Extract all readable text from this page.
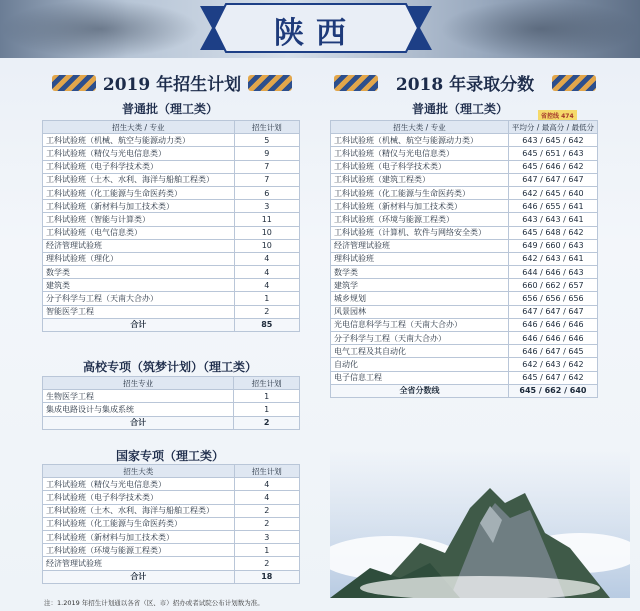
陕西
2019 年招生计划
普通批（理工类）
招生大类 / 专业	招生计划
工科试验班（机械、航空与能源动力类）	5
工科试验班（精仪与光电信息类）	9
工科试验班（电子科学技术类）	7
工科试验班（土木、水利、海洋与船舶工程类）	7
工科试验班（化工能源与生命医药类）	6
工科试验班（新材料与加工技术类）	3
工科试验班（智能与计算类）	11
工科试验班（电气信息类）	10
经济管理试验班	10
理科试验班（理化）	4
数学类	4
建筑类	4
分子科学与工程（天南大合办）	1
智能医学工程	2
合计	85
高校专项（筑梦计划）（理工类）
招生专业	招生计划
生物医学工程	1
集成电路设计与集成系统	1
合计	2
国家专项（理工类）
招生大类	招生计划
工科试验班（精仪与光电信息类）	4
工科试验班（电子科学技术类）	4
工科试验班（土木、水利、海洋与船舶工程类）	2
工科试验班（化工能源与生命医药类）	2
工科试验班（新材料与加工技术类）	3
工科试验班（环境与能源工程类）	1
经济管理试验班	2
合计	18
2018 年录取分数
普通批（理工类）
省控线 474
招生大类 / 专业	平均分 / 最高分 / 最低分
工科试验班（机械、航空与能源动力类）	643 / 645 / 642
工科试验班（精仪与光电信息类）	645 / 651 / 643
工科试验班（电子科学技术类）	645 / 646 / 642
工科试验班（建筑工程类）	647 / 647 / 647
工科试验班（化工能源与生命医药类）	642 / 645 / 640
工科试验班（新材料与加工技术类）	646 / 655 / 641
工科试验班（环境与能源工程类）	643 / 643 / 641
工科试验班（计算机、软件与网络安全类）	645 / 648 / 642
经济管理试验班	649 / 660 / 643
理科试验班	642 / 643 / 641
数学类	644 / 646 / 643
建筑学	660 / 662 / 657
城乡规划	656 / 656 / 656
风景园林	647 / 647 / 647
光电信息科学与工程（天南大合办）	646 / 646 / 646
分子科学与工程（天南大合办）	646 / 646 / 646
电气工程及其自动化	646 / 647 / 645
自动化	642 / 643 / 642
电子信息工程	645 / 647 / 642
全省分数线	645 / 662 / 640
注：1.2019 年招生计划通以各省（区、市）招办或者试院公布计划数为准。
